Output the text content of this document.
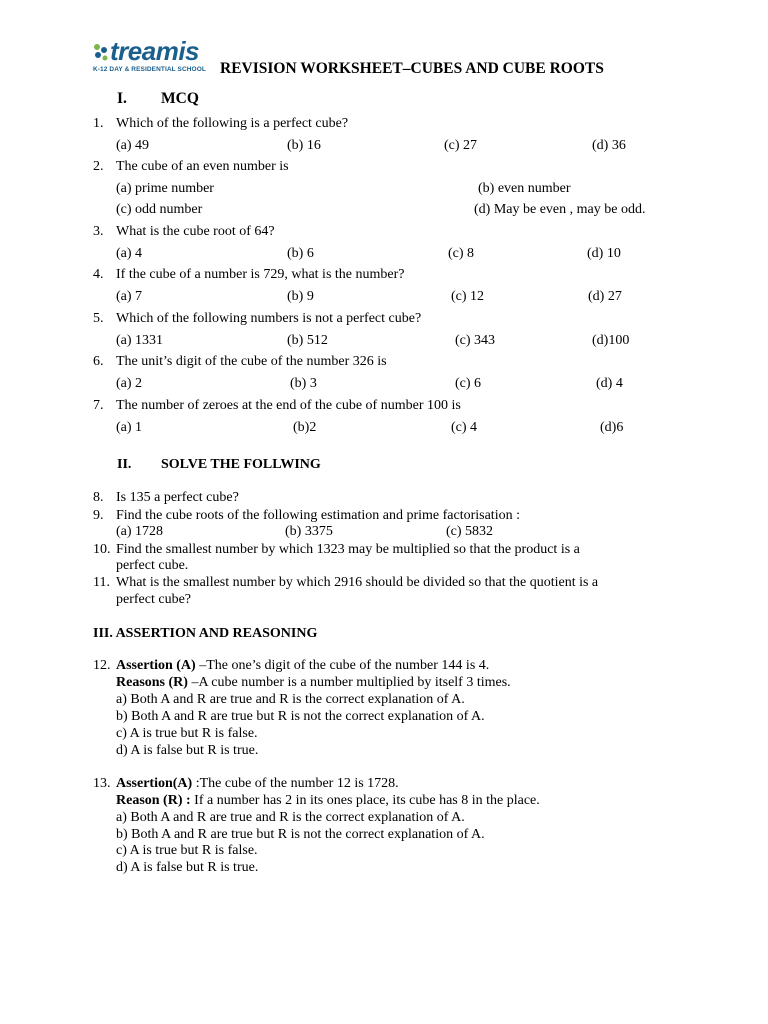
treamis
K-12 DAY & RESIDENTIAL SCHOOL REVISION WORKSHEET–CUBES AND CUBE ROOTS
I. MCQ
1. Which of the following is a perfect cube?
(a) 49	(b) 16	(c) 27	(d) 36
2. The cube of an even number is
(a) prime number	(b) even number
(c) odd number	(d) May be even , may be odd.
3. What is the cube root of 64?
(a) 4	(b) 6	(c) 8	(d) 10
4. If the cube of a number is 729, what is the number?
(a) 7	(b) 9	(c) 12	(d) 27
5. Which of the following numbers is not a perfect cube?
(a) 1331	(b) 512	(c) 343	(d)100
6. The unit’s digit of the cube of the number 326 is
(a) 2	(b) 3	(c) 6	(d) 4
7. The number of zeroes at the end of the cube of number 100 is
(a) 1	(b)2	(c) 4	(d)6
II. SOLVE THE FOLLWING
8. Is 135 a perfect cube?
9. Find the cube roots of the following estimation and prime factorisation :
(a) 1728	(b) 3375	(c) 5832
10. Find the smallest number by which 1323 may be multiplied so that the product is a
perfect cube.
11. What is the smallest number by which 2916 should be divided so that the quotient is a
perfect cube?
III. ASSERTION AND REASONING
12. Assertion (A) –The one’s digit of the cube of the number 144 is 4.
Reasons (R) –A cube number is a number multiplied by itself 3 times.
a) Both A and R are true and R is the correct explanation of A.
b) Both A and R are true but R is not the correct explanation of A.
c) A is true but R is false.
d) A is false but R is true.
13. Assertion(A) :The cube of the number 12 is 1728.
Reason (R) : If a number has 2 in its ones place, its cube has 8 in the place.
a) Both A and R are true and R is the correct explanation of A.
b) Both A and R are true but R is not the correct explanation of A.
c) A is true but R is false.
d) A is false but R is true.
